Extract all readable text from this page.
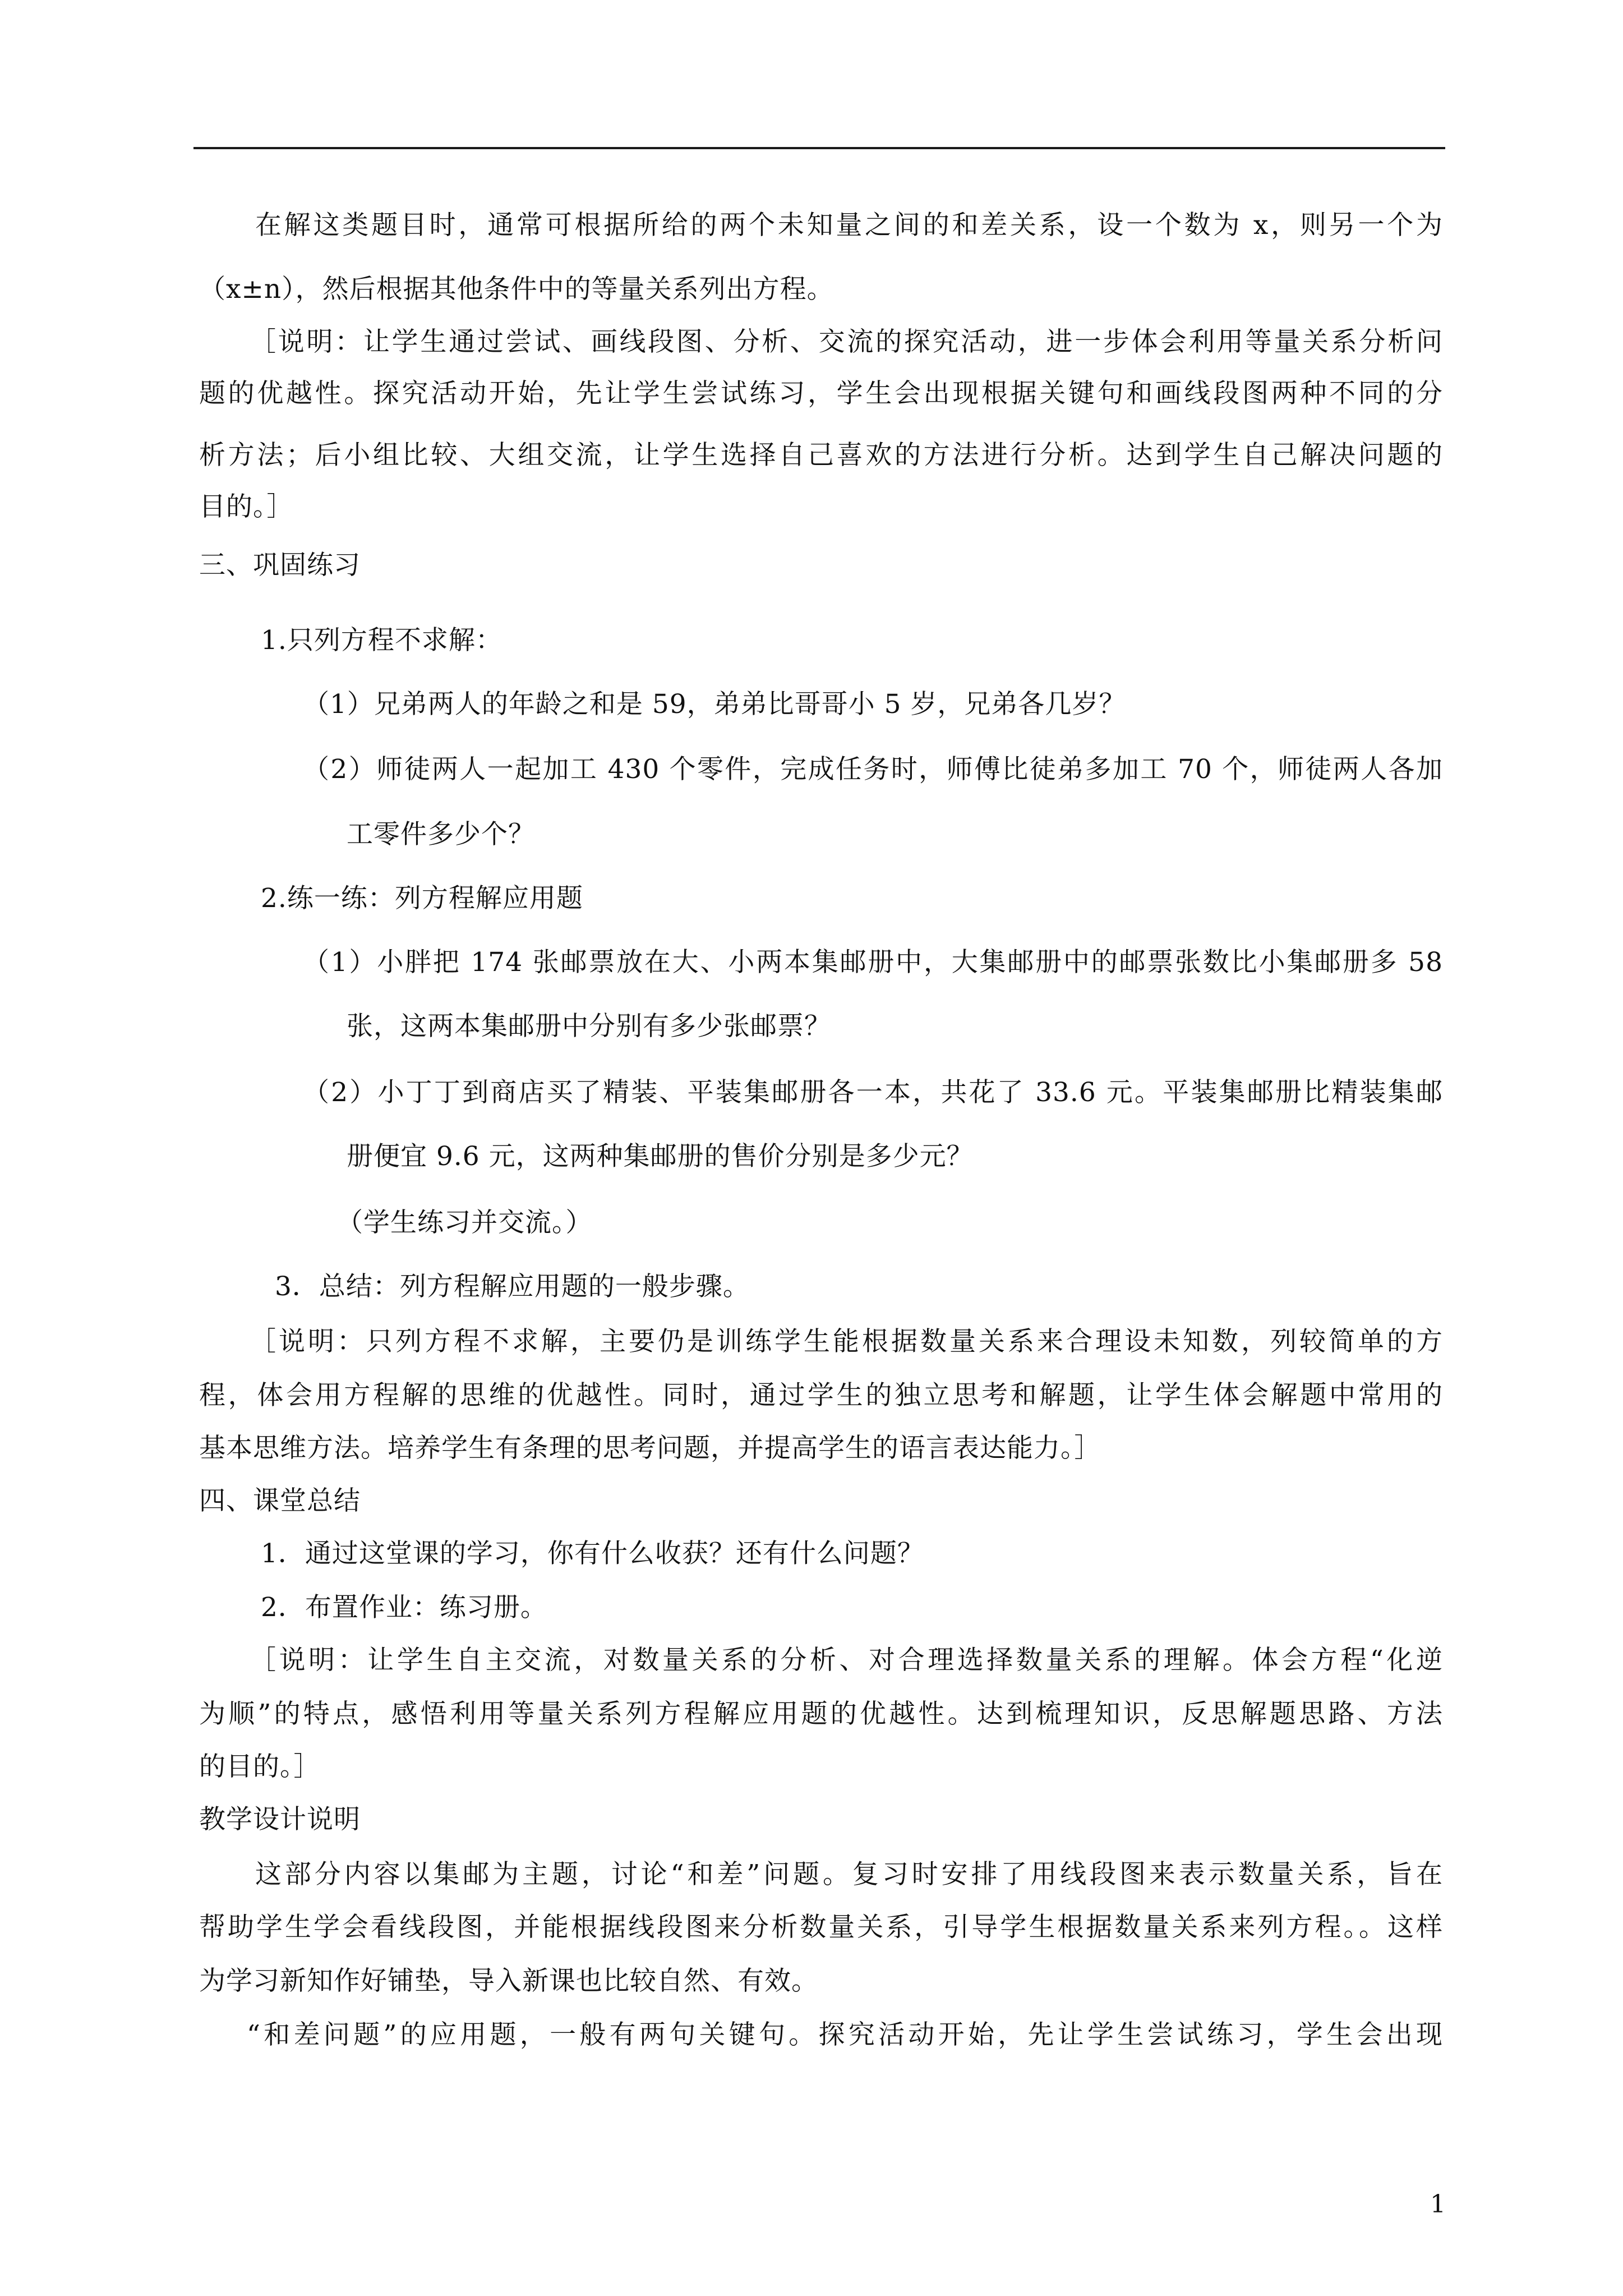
在解这类题目时，通常可根据所给的两个未知量之间的和差关系，设一个数为 x，则另一个为

（x±n），然后根据其他条件中的等量关系列出方程。

［说明：让学生通过尝试、画线段图、分析、交流的探究活动，进一步体会利用等量关系分析问

题的优越性。探究活动开始，先让学生尝试练习，学生会出现根据关键句和画线段图两种不同的分

析方法；后小组比较、大组交流，让学生选择自己喜欢的方法进行分析。达到学生自己解决问题的

目的。］

三、巩固练习

1.只列方程不求解：

（1）兄弟两人的年龄之和是 59，弟弟比哥哥小 5 岁，兄弟各几岁？

（2）师徒两人一起加工 430 个零件，完成任务时，师傅比徒弟多加工 70 个，师徒两人各加

工零件多少个？

2.练一练：列方程解应用题

（1）小胖把 174 张邮票放在大、小两本集邮册中，大集邮册中的邮票张数比小集邮册多 58

张，这两本集邮册中分别有多少张邮票？

（2）小丁丁到商店买了精装、平装集邮册各一本，共花了 33.6 元。平装集邮册比精装集邮

册便宜 9.6 元，这两种集邮册的售价分别是多少元？

（学生练习并交流。）

3．总结：列方程解应用题的一般步骤。

［说明：只列方程不求解，主要仍是训练学生能根据数量关系来合理设未知数，列较简单的方

程，体会用方程解的思维的优越性。同时，通过学生的独立思考和解题，让学生体会解题中常用的

基本思维方法。培养学生有条理的思考问题，并提高学生的语言表达能力。］

四、课堂总结

1．通过这堂课的学习，你有什么收获？还有什么问题？

2．布置作业：练习册。

［说明：让学生自主交流，对数量关系的分析、对合理选择数量关系的理解。体会方程“化逆

为顺”的特点，感悟利用等量关系列方程解应用题的优越性。达到梳理知识，反思解题思路、方法

的目的。］

教学设计说明

这部分内容以集邮为主题，讨论“和差”问题。复习时安排了用线段图来表示数量关系，旨在

帮助学生学会看线段图，并能根据线段图来分析数量关系，引导学生根据数量关系来列方程。。这样

为学习新知作好铺垫，导入新课也比较自然、有效。

“和差问题”的应用题，一般有两句关键句。探究活动开始，先让学生尝试练习，学生会出现

1
